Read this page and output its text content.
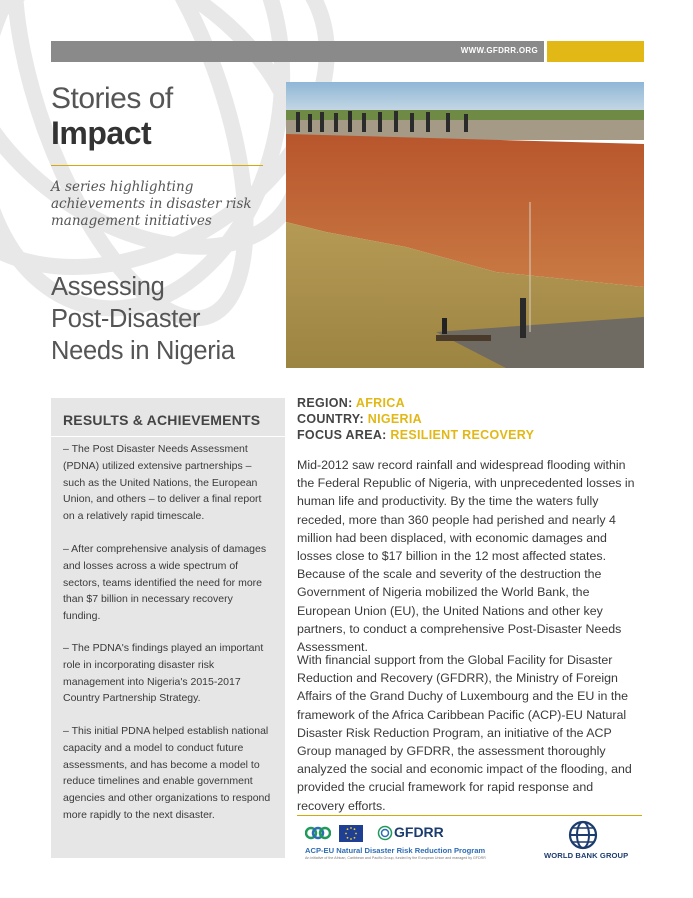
WWW.GFDRR.ORG
Stories of
Impact
A series highlighting achievements in disaster risk management initiatives
Assessing
Post-Disaster
Needs in Nigeria
RESULTS & ACHIEVEMENTS
– The Post Disaster Needs Assessment (PDNA) utilized extensive partnerships – such as the United Nations, the European Union, and others – to deliver a final report on a relatively rapid timescale.
– After comprehensive analysis of damages and losses across a wide spectrum of sectors, teams identified the need for more than $7 billion in necessary recovery funding.
– The PDNA's findings played an important role in incorporating disaster risk management into Nigeria's 2015-2017 Country Partnership Strategy.
– This initial PDNA helped establish national capacity and a model to conduct future assessments, and has become a model to reduce timelines and enable government agencies and other organizations to respond more rapidly to the next disaster.
REGION: AFRICA
COUNTRY: NIGERIA
FOCUS AREA: RESILIENT RECOVERY
Mid-2012 saw record rainfall and widespread flooding within the Federal Republic of Nigeria, with unprecedented losses in human life and productivity. By the time the waters fully receded, more than 360 people had perished and nearly 4 million had been displaced, with economic damages and losses close to $17 billion in the 12 most affected states. Because of the scale and severity of the destruction the Government of Nigeria mobilized the World Bank, the European Union (EU), the United Nations and other key partners, to conduct a comprehensive Post-Disaster Needs Assessment.
With financial support from the Global Facility for Disaster Reduction and Recovery (GFDRR), the Ministry of Foreign Affairs of the Grand Duchy of Luxembourg and the EU in the framework of the Africa Caribbean Pacific (ACP)-EU Natural Disaster Risk Reduction Program, an initiative of the ACP Group managed by GFDRR, the assessment thoroughly analyzed the social and economic impact of the flooding, and provided the crucial framework for rapid response and recovery efforts.
GFDRR
ACP-EU Natural Disaster Risk Reduction Program
An initiative of the African, Caribbean and Pacific Group, funded by the European Union and managed by GFDRR	WORLD BANK GROUP
